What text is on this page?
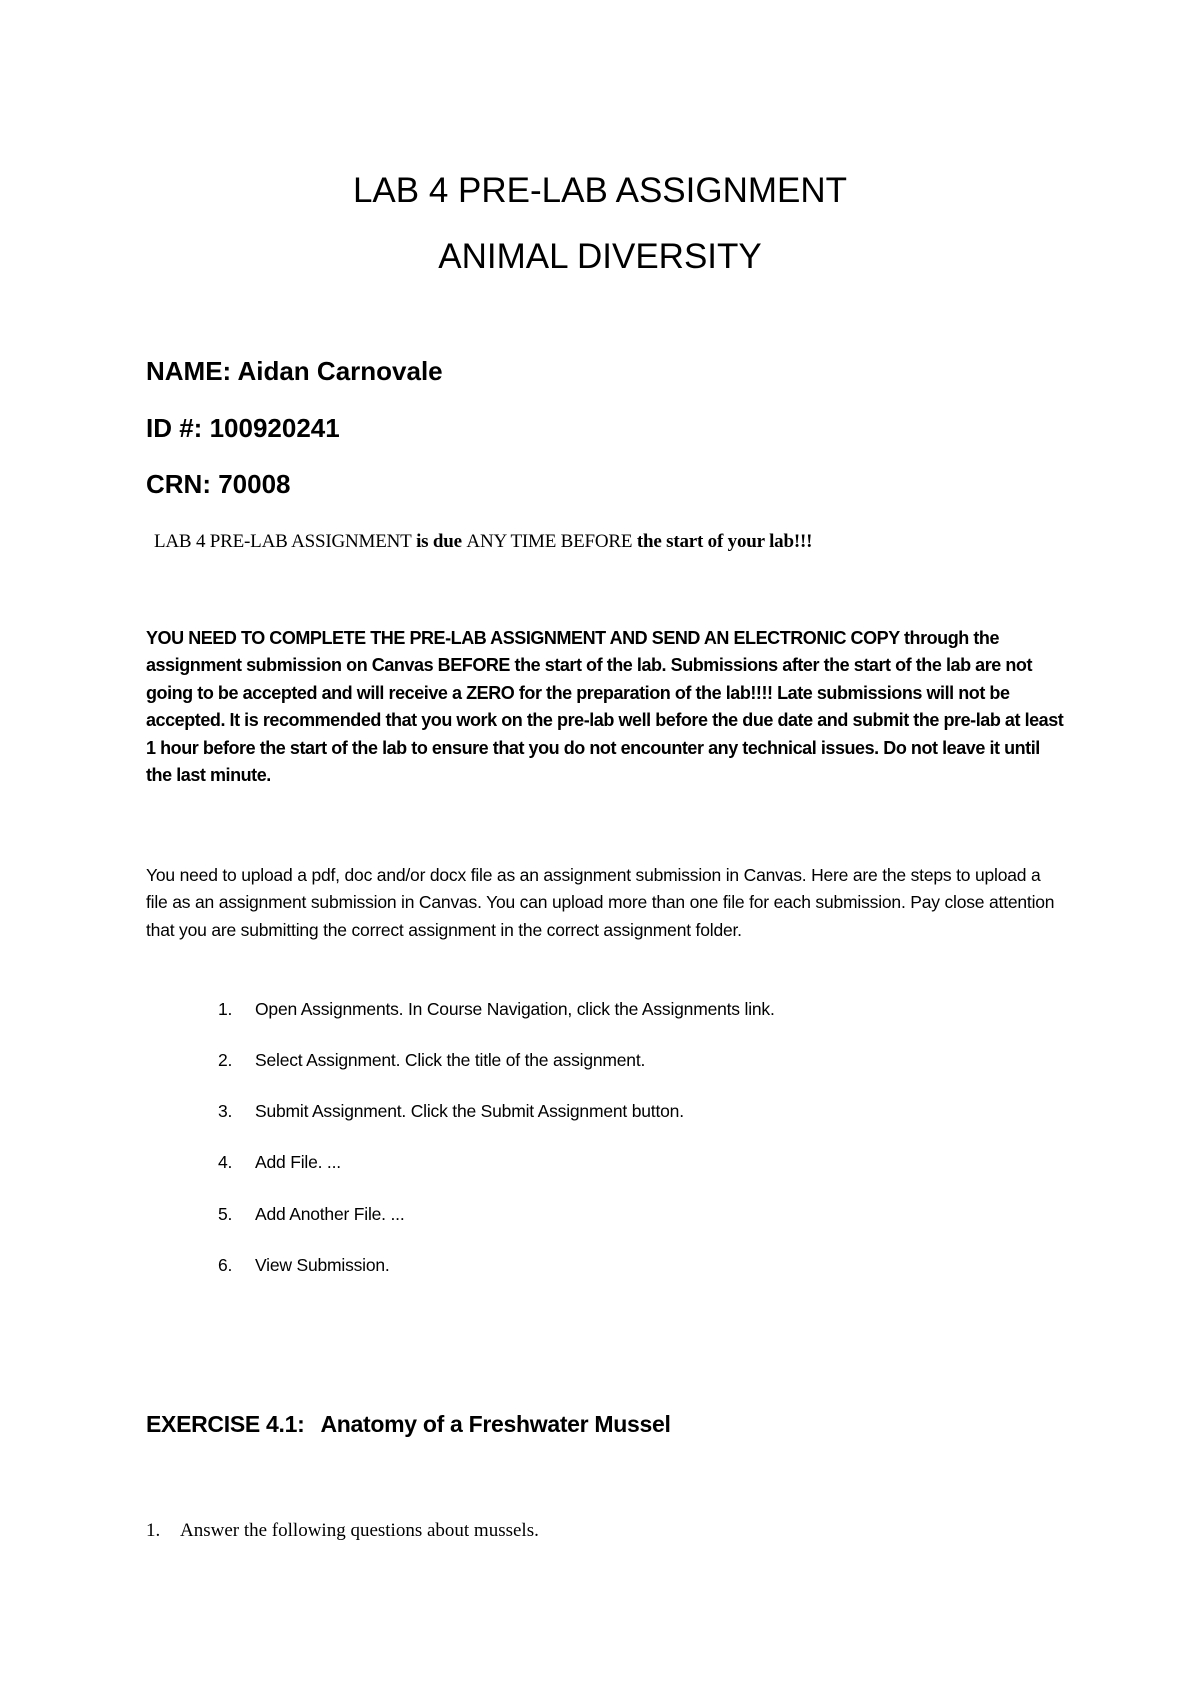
LAB 4 PRE-LAB ASSIGNMENT
ANIMAL DIVERSITY

NAME: Aidan Carnovale

ID #: 100920241

CRN: 70008

LAB 4 PRE-LAB ASSIGNMENT is due ANY TIME BEFORE the start of your lab!!!

YOU NEED TO COMPLETE THE PRE-LAB ASSIGNMENT AND SEND AN ELECTRONIC COPY through the assignment submission on Canvas BEFORE the start of the lab. Submissions after the start of the lab are not going to be accepted and will receive a ZERO for the preparation of the lab!!!! Late submissions will not be accepted. It is recommended that you work on the pre-lab well before the due date and submit the pre-lab at least 1 hour before the start of the lab to ensure that you do not encounter any technical issues. Do not leave it until the last minute.

You need to upload a pdf, doc and/or docx file as an assignment submission in Canvas. Here are the steps to upload a file as an assignment submission in Canvas. You can upload more than one file for each submission. Pay close attention that you are submitting the correct assignment in the correct assignment folder.

1.	Open Assignments. In Course Navigation, click the Assignments link.
2.	Select Assignment. Click the title of the assignment.
3.	Submit Assignment. Click the Submit Assignment button.
4.	Add File. ...
5.	Add Another File. ...
6.	View Submission.
EXERCISE 4.1: Anatomy of a Freshwater Mussel

1. Answer the following questions about mussels.
